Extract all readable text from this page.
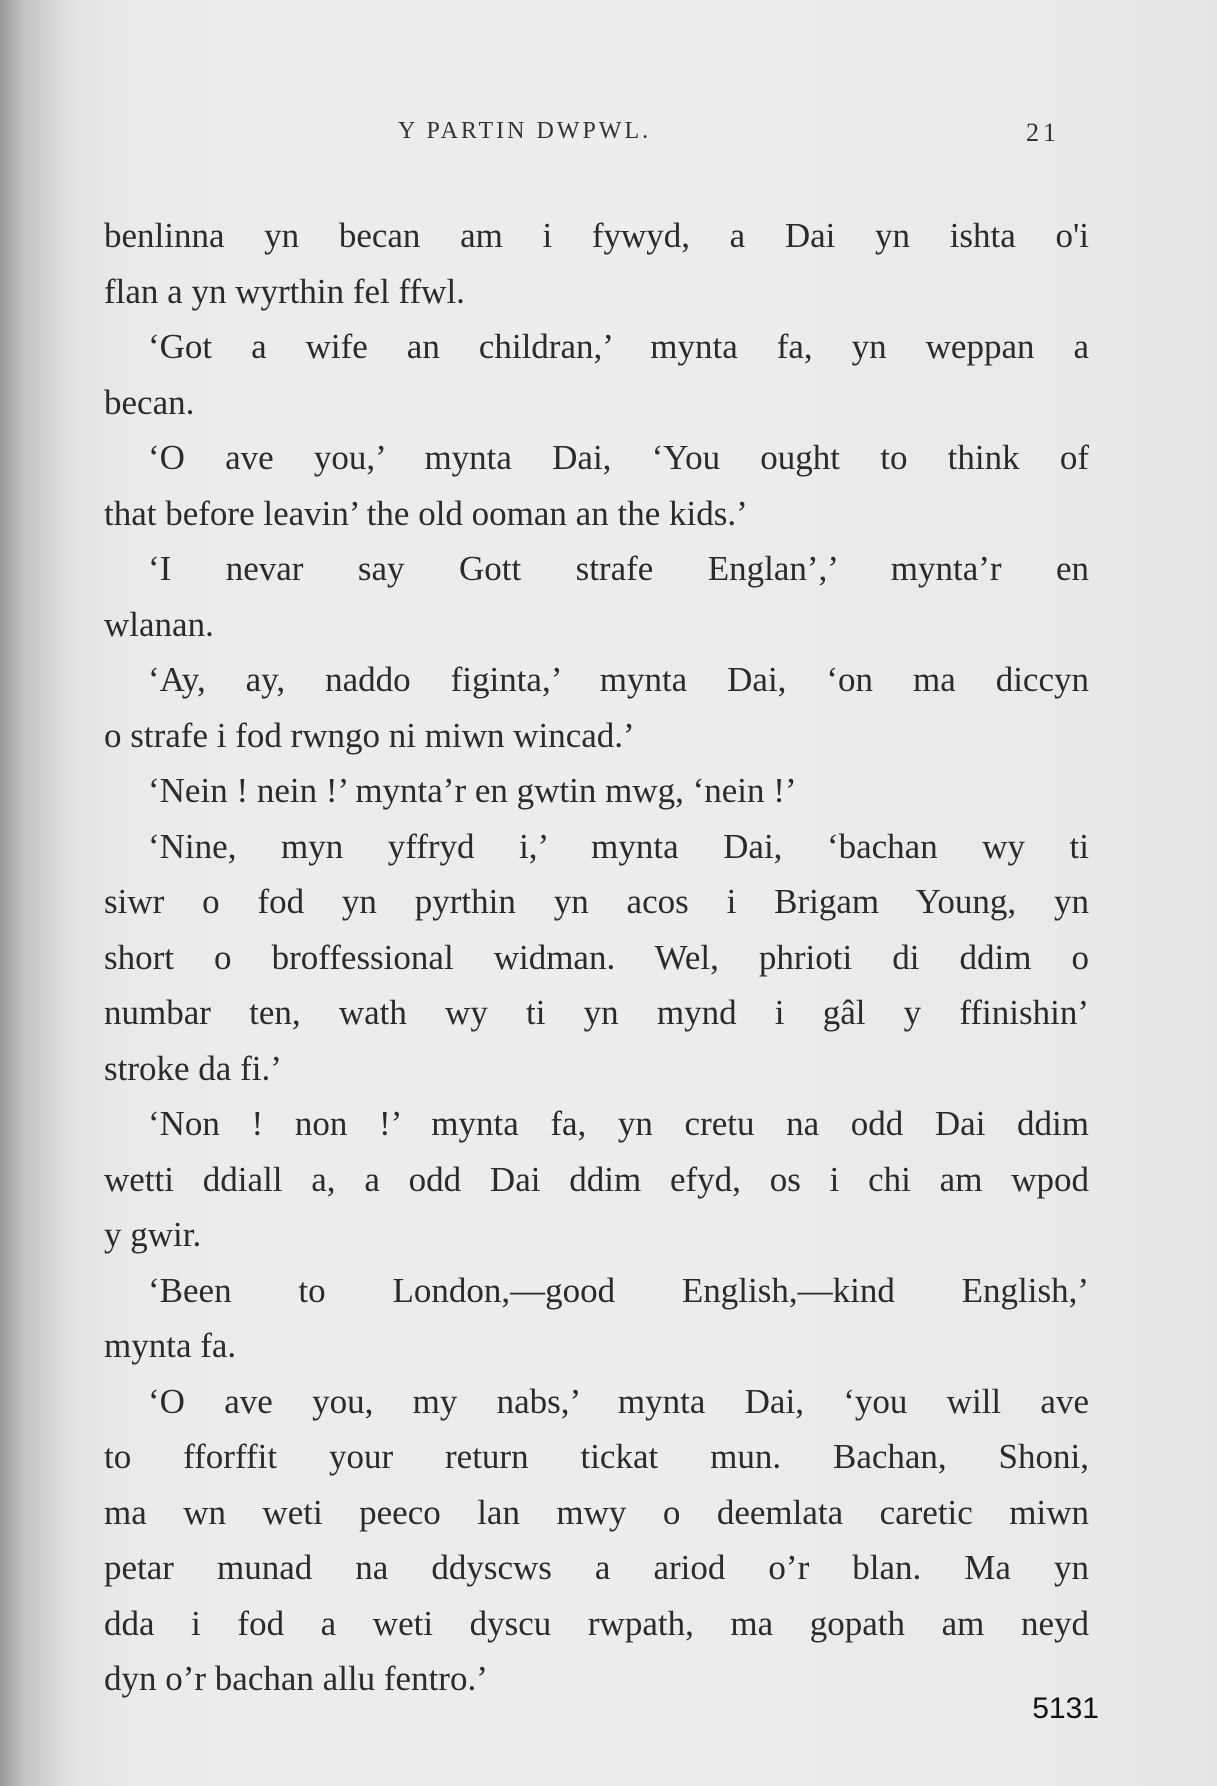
Y PARTIN DWPWL.	21
benlinna yn becan am i fywyd, a Dai yn ishta o'i
flan a yn wyrthin fel ffwl.
‘Got a wife an childran,’ mynta fa, yn weppan a
becan.
‘O ave you,’ mynta Dai, ‘You ought to think of
that before leavin’ the old ooman an the kids.’
‘I nevar say Gott strafe Englan’,’ mynta’r en
wlanan.
‘Ay, ay, naddo figinta,’ mynta Dai, ‘on ma diccyn
o strafe i fod rwngo ni miwn wincad.’
‘Nein ! nein !’ mynta’r en gwtin mwg, ‘nein !’
‘Nine, myn yffryd i,’ mynta Dai, ‘bachan wy ti
siwr o fod yn pyrthin yn acos i Brigam Young, yn
short o broffessional widman. Wel, phrioti di ddim o
numbar ten, wath wy ti yn mynd i gâl y ffinishin’
stroke da fi.’
‘Non ! non !’ mynta fa, yn cretu na odd Dai ddim
wetti ddiall a, a odd Dai ddim efyd, os i chi am wpod
y gwir.
‘Been to London,—good English,—kind English,’
mynta fa.
‘O ave you, my nabs,’ mynta Dai, ‘you will ave
to fforffit your return tickat mun. Bachan, Shoni,
ma wn weti peeco lan mwy o deemlata caretic miwn
petar munad na ddyscws a ariod o’r blan. Ma yn
dda i fod a weti dyscu rwpath, ma gopath am neyd
dyn o’r bachan allu fentro.’
5131
